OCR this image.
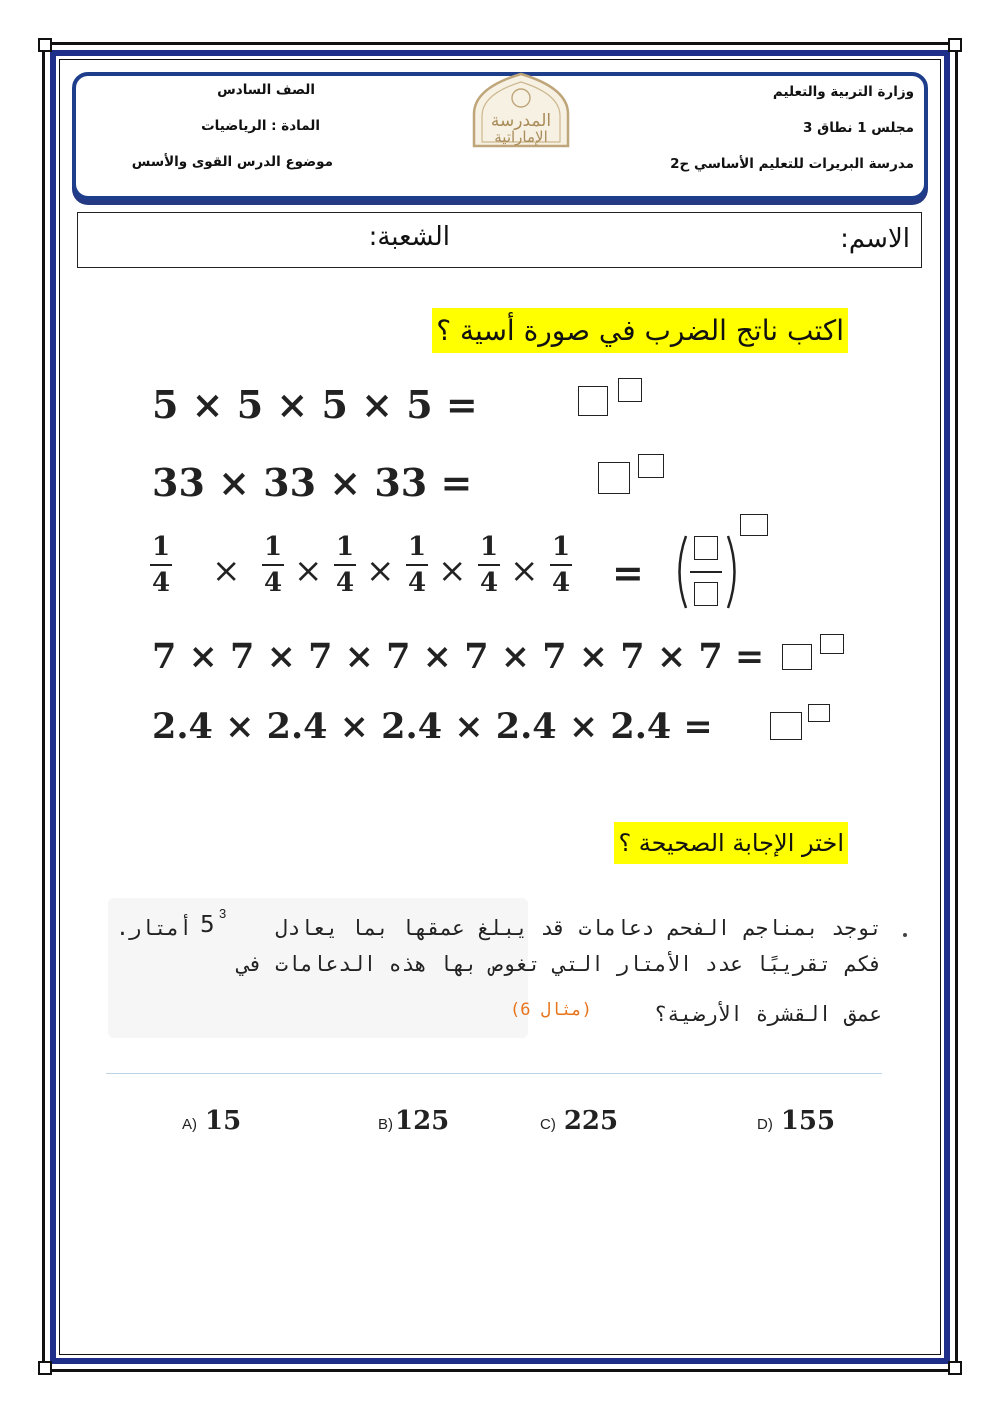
وزارة التربية والتعليم
مجلس 1 نطاق 3
مدرسة البريرات للتعليم الأساسي ح2
الصف السادس
المادة : الرياضيات
موضوع الدرس القوى والأسس
المدرسة
الإماراتية
الاسم:
الشعبة:
اكتب ناتج الضرب في صورة أسية ؟
5 × 5 × 5 × 5 =
33 × 33 × 33 =
1
4 ×
1
4 ×
1
4 ×
1
4 ×
1
4 ×
1
4 =
7 × 7 × 7 × 7 × 7 × 7 × 7 × 7 =
2.4 × 2.4 × 2.4 × 2.4 × 2.4 =
اختر الإجابة الصحيحة ؟
توجد بمناجم الفحم دعامات قد يبلغ عمقها بما يعادل
3
5
أمتار.
فكم تقريبًا عدد الأمتار التي تغوص بها هذه الدعامات في
عمق القشرة الأرضية؟
(مثال 6)
A) 15	B)125	C) 225	D) 155
